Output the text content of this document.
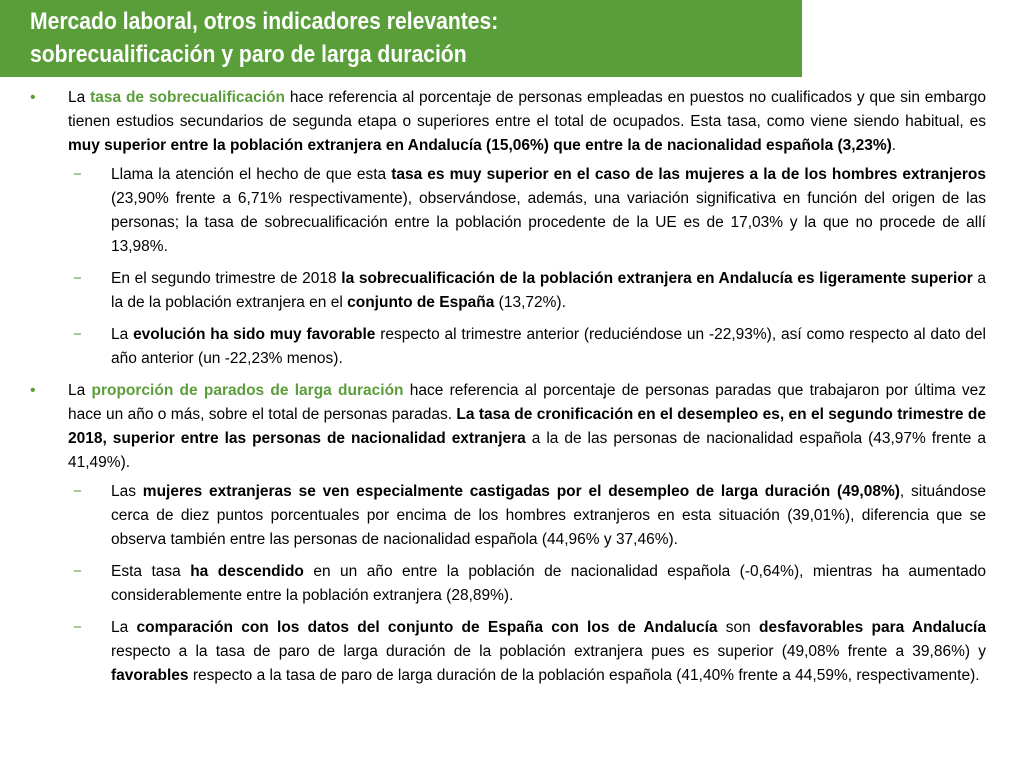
Mercado laboral, otros indicadores relevantes:
sobrecualificación y paro de larga duración
• La tasa de sobrecualificación hace referencia al porcentaje de personas empleadas en puestos no cualificados y que sin embargo tienen estudios secundarios de segunda etapa o superiores entre el total de ocupados. Esta tasa, como viene siendo habitual, es muy superior entre la población extranjera en Andalucía (15,06%) que entre la de nacionalidad española (3,23%).
− Llama la atención el hecho de que esta tasa es muy superior en el caso de las mujeres a la de los hombres extranjeros (23,90% frente a 6,71% respectivamente), observándose, además, una variación significativa en función del origen de las personas; la tasa de sobrecualificación entre la población procedente de la UE es de 17,03% y la que no procede de allí 13,98%.
− En el segundo trimestre de 2018 la sobrecualificación de la población extranjera en Andalucía es ligeramente superior a la de la población extranjera en el conjunto de España (13,72%).
− La evolución ha sido muy favorable respecto al trimestre anterior (reduciéndose un -22,93%), así como respecto al dato del año anterior (un -22,23% menos).
• La proporción de parados de larga duración hace referencia al porcentaje de personas paradas que trabajaron por última vez hace un año o más, sobre el total de personas paradas. La tasa de cronificación en el desempleo es, en el segundo trimestre de 2018, superior entre las personas de nacionalidad extranjera a la de las personas de nacionalidad española (43,97% frente a 41,49%).
− Las mujeres extranjeras se ven especialmente castigadas por el desempleo de larga duración (49,08%), situándose cerca de diez puntos porcentuales por encima de los hombres extranjeros en esta situación (39,01%), diferencia que se observa también entre las personas de nacionalidad española (44,96% y 37,46%).
− Esta tasa ha descendido en un año entre la población de nacionalidad española (-0,64%), mientras ha aumentado considerablemente entre la población extranjera (28,89%).
− La comparación con los datos del conjunto de España con los de Andalucía son desfavorables para Andalucía respecto a la tasa de paro de larga duración de la población extranjera pues es superior (49,08% frente a 39,86%) y favorables respecto a la tasa de paro de larga duración de la población española (41,40% frente a 44,59%, respectivamente).
